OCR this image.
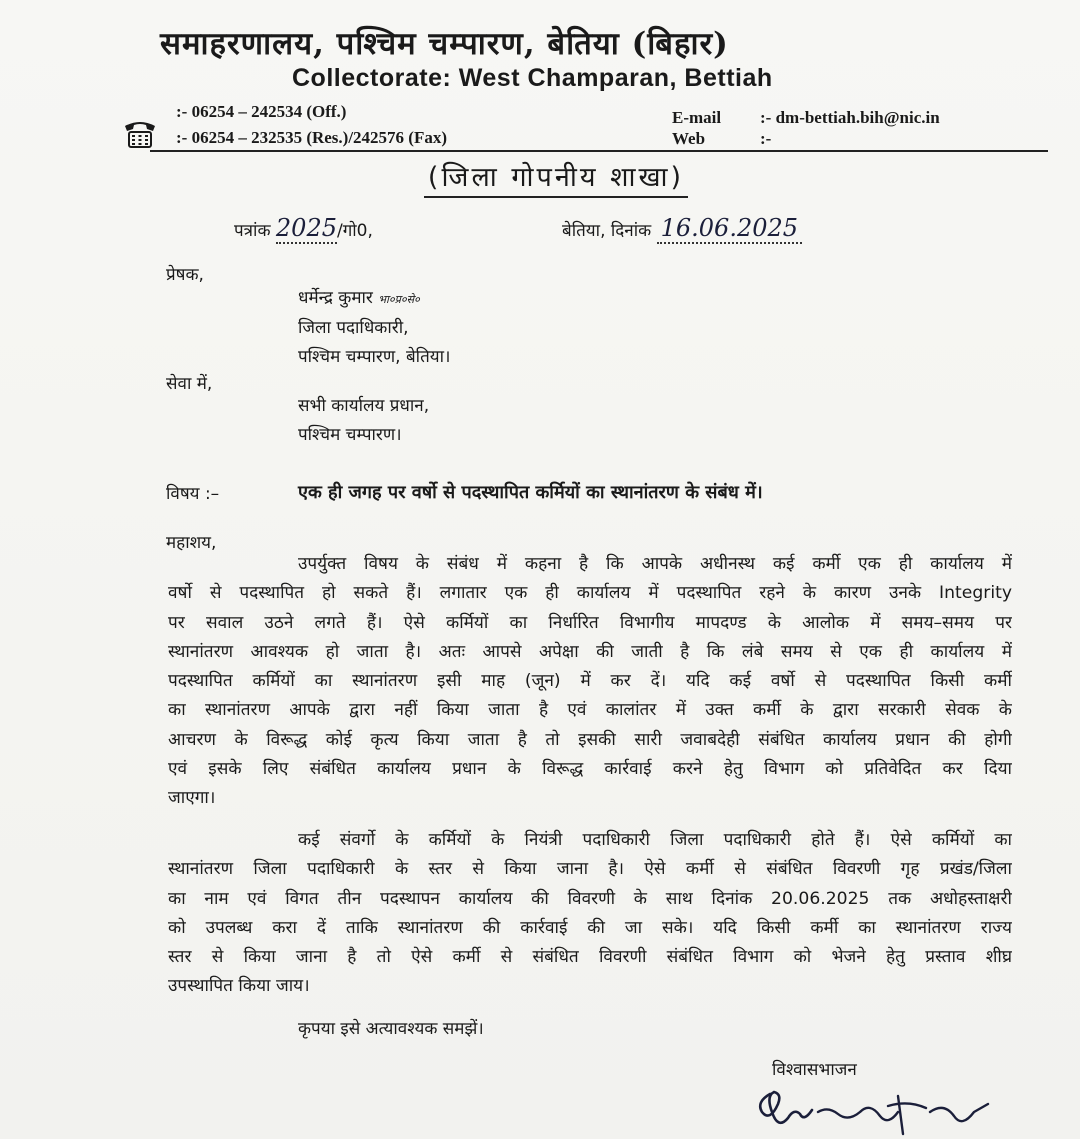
समाहरणालय, पश्चिम चम्पारण, बेतिया (बिहार)
Collectorate: West Champaran, Bettiah
:- 06254 – 242534 (Off.)
:- 06254 – 232535 (Res.)/242576 (Fax)
E-mail :- dm-bettiah.bih@nic.in
Web	:-
(जिला गोपनीय शाखा)
पत्रांक 2025/गो0,	बेतिया, दिनांक 16.06.2025
प्रेषक,
धर्मेन्द्र कुमार भा०प्र०से०
जिला पदाधिकारी,
पश्चिम चम्पारण, बेतिया।
सेवा में,
सभी कार्यालय प्रधान,
पश्चिम चम्पारण।
विषय :–	एक ही जगह पर वर्षो से पदस्थापित कर्मियों का स्थानांतरण के संबंध में।
महाशय,
उपर्युक्त विषय के संबंध में कहना है कि आपके अधीनस्थ कई कर्मी एक ही कार्यालय में
वर्षो से पदस्थापित हो सकते हैं। लगातार एक ही कार्यालय में पदस्थापित रहने के कारण उनके Integrity
पर सवाल उठने लगते हैं। ऐसे कर्मियों का निर्धारित विभागीय मापदण्ड के आलोक में समय–समय पर
स्थानांतरण आवश्यक हो जाता है। अतः आपसे अपेक्षा की जाती है कि लंबे समय से एक ही कार्यालय में
पदस्थापित कर्मियों का स्थानांतरण इसी माह (जून) में कर दें। यदि कई वर्षो से पदस्थापित किसी कर्मी
का स्थानांतरण आपके द्वारा नहीं किया जाता है एवं कालांतर में उक्त कर्मी के द्वारा सरकारी सेवक के
आचरण के विरूद्ध कोई कृत्य किया जाता है तो इसकी सारी जवाबदेही संबंधित कार्यालय प्रधान की होगी
एवं इसके लिए संबंधित कार्यालय प्रधान के विरूद्ध कार्रवाई करने हेतु विभाग को प्रतिवेदित कर दिया
जाएगा।
कई संवर्गो के कर्मियों के नियंत्री पदाधिकारी जिला पदाधिकारी होते हैं। ऐसे कर्मियों का
स्थानांतरण जिला पदाधिकारी के स्तर से किया जाना है। ऐसे कर्मी से संबंधित विवरणी गृह प्रखंड/जिला
का नाम एवं विगत तीन पदस्थापन कार्यालय की विवरणी के साथ दिनांक 20.06.2025 तक अधोहस्ताक्षरी
को उपलब्ध करा दें ताकि स्थानांतरण की कार्रवाई की जा सके। यदि किसी कर्मी का स्थानांतरण राज्य
स्तर से किया जाना है तो ऐसे कर्मी से संबंधित विवरणी संबंधित विभाग को भेजने हेतु प्रस्ताव शीघ्र
उपस्थापित किया जाय।
कृपया इसे अत्यावश्यक समझें।
विश्वासभाजन
